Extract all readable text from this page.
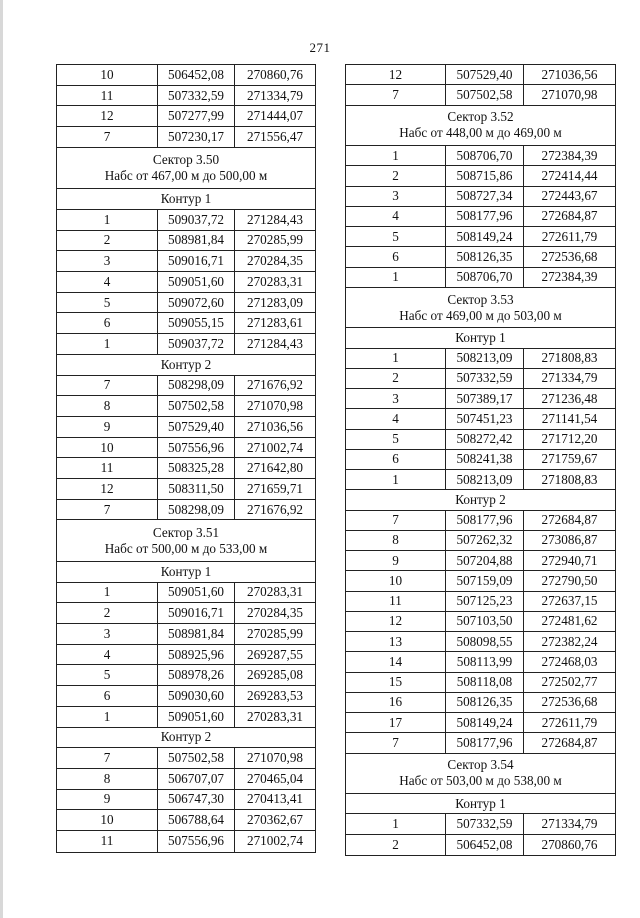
271
10	506452,08	270860,76
11	507332,59	271334,79
12	507277,99	271444,07
7	507230,17	271556,47
Сектор 3.50
Нaбс от 467,00 м до 500,00 м
Контур 1
1	509037,72	271284,43
2	508981,84	270285,99
3	509016,71	270284,35
4	509051,60	270283,31
5	509072,60	271283,09
6	509055,15	271283,61
1	509037,72	271284,43
Контур 2
7	508298,09	271676,92
8	507502,58	271070,98
9	507529,40	271036,56
10	507556,96	271002,74
11	508325,28	271642,80
12	508311,50	271659,71
7	508298,09	271676,92
Сектор 3.51
Нaбс от 500,00 м до 533,00 м
Контур 1
1	509051,60	270283,31
2	509016,71	270284,35
3	508981,84	270285,99
4	508925,96	269287,55
5	508978,26	269285,08
6	509030,60	269283,53
1	509051,60	270283,31
Контур 2
7	507502,58	271070,98
8	506707,07	270465,04
9	506747,30	270413,41
10	506788,64	270362,67
11	507556,96	271002,74
12	507529,40	271036,56
7	507502,58	271070,98
Сектор 3.52
Нaбс от 448,00 м до 469,00 м
1	508706,70	272384,39
2	508715,86	272414,44
3	508727,34	272443,67
4	508177,96	272684,87
5	508149,24	272611,79
6	508126,35	272536,68
1	508706,70	272384,39
Сектор 3.53
Нaбс от 469,00 м до 503,00 м
Контур 1
1	508213,09	271808,83
2	507332,59	271334,79
3	507389,17	271236,48
4	507451,23	271141,54
5	508272,42	271712,20
6	508241,38	271759,67
1	508213,09	271808,83
Контур 2
7	508177,96	272684,87
8	507262,32	273086,87
9	507204,88	272940,71
10	507159,09	272790,50
11	507125,23	272637,15
12	507103,50	272481,62
13	508098,55	272382,24
14	508113,99	272468,03
15	508118,08	272502,77
16	508126,35	272536,68
17	508149,24	272611,79
7	508177,96	272684,87
Сектор 3.54
Нaбс от 503,00 м до 538,00 м
Контур 1
1	507332,59	271334,79
2	506452,08	270860,76
